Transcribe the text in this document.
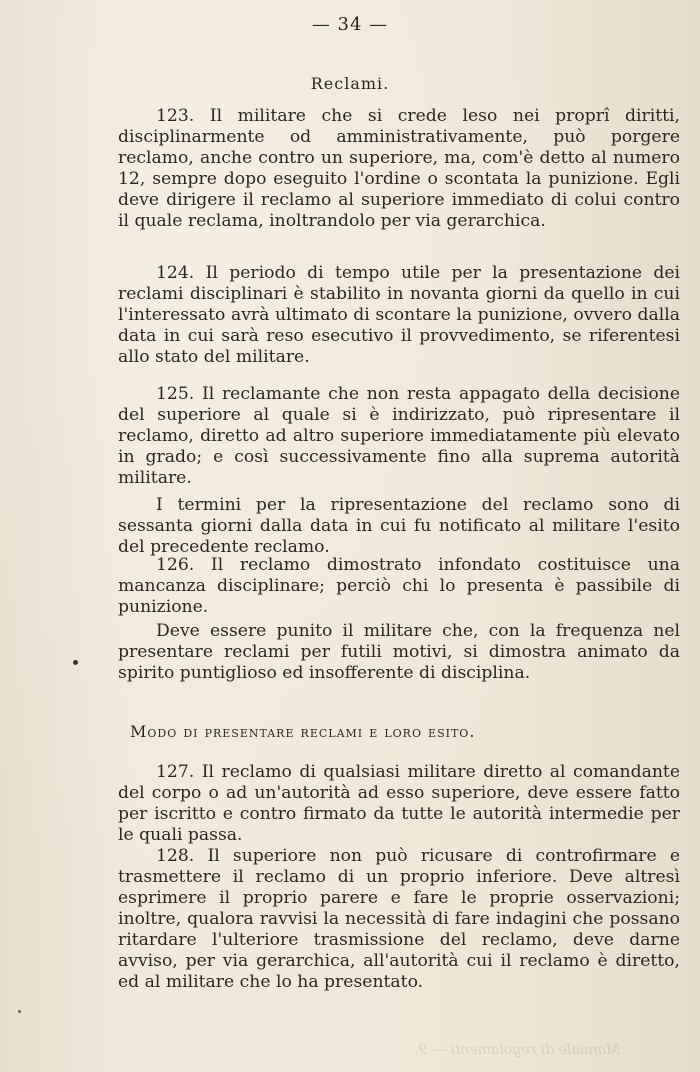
— 34 —
Reclami.

123. Il militare che si crede leso nei proprî diritti, disciplinarmente od amministrativamente, può porgere reclamo, anche contro un superiore, ma, com'è detto al numero 12, sempre dopo eseguito l'ordine o scontata la punizione. Egli deve dirigere il reclamo al superiore immediato di colui contro il quale reclama, inoltrandolo per via gerarchica.

124. Il periodo di tempo utile per la presentazione dei reclami disciplinari è stabilito in novanta giorni da quello in cui l'interessato avrà ultimato di scontare la punizione, ovvero dalla data in cui sarà reso esecutivo il provvedimento, se riferentesi allo stato del militare.

125. Il reclamante che non resta appagato della decisione del superiore al quale si è indirizzato, può ripresentare il reclamo, diretto ad altro superiore immediatamente più elevato in grado; e così successivamente fino alla suprema autorità militare.

I termini per la ripresentazione del reclamo sono di sessanta giorni dalla data in cui fu notificato al militare l'esito del precedente reclamo.

126. Il reclamo dimostrato infondato costituisce una mancanza disciplinare; perciò chi lo presenta è passibile di punizione.

Deve essere punito il militare che, con la frequenza nel presentare reclami per futili motivi, si dimostra animato da spirito puntiglioso ed insofferente di disciplina.

Modo di presentare reclami e loro esito.

127. Il reclamo di qualsiasi militare diretto al comandante del corpo o ad un'autorità ad esso superiore, deve essere fatto per iscritto e contro firmato da tutte le autorità intermedie per le quali passa.

128. Il superiore non può ricusare di controfirmare e trasmettere il reclamo di un proprio inferiore. Deve altresì esprimere il proprio parere e fare le proprie osservazioni; inoltre, qualora ravvisi la necessità di fare indagini che possano ritardare l'ulteriore trasmissione del reclamo, deve darne avviso, per via gerarchica, all'autorità cui il reclamo è diretto, ed al militare che lo ha presentato.

Manuale di regolamenti — 9.
